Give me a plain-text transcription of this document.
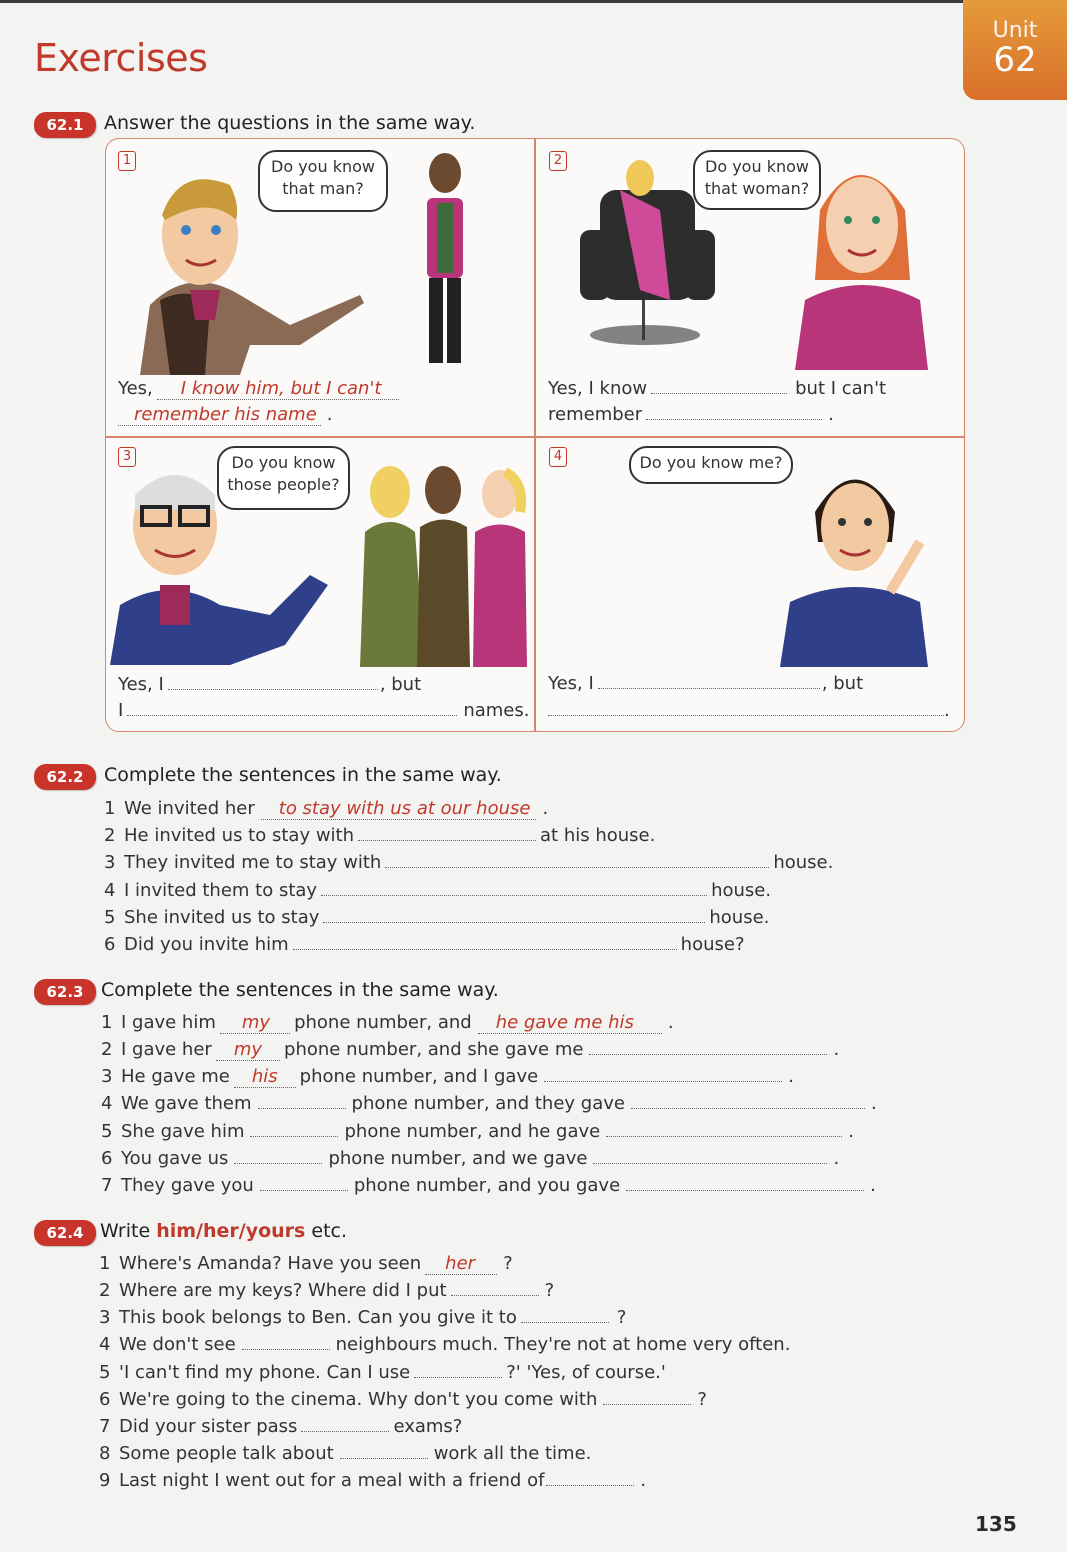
Unit
62
Exercises
62.1	Answer the questions in the same way.
1	Do you know that man?
Yes,	I know him, but I can't
remember his name .
2	Do you know that woman?
Yes, I know	but I can't
remember	.
3	Do you know those people?
Yes, I	, but
I	names.
4	Do you know me?
Yes, I	, but
.
62.2	Complete the sentences in the same way.
1 We invited her	to stay with us at our house .
2 He invited us to stay with	at his house.
3 They invited me to stay with	house.
4 I invited them to stay	house.
5 She invited us to stay	house.
6 Did you invite him	house?
62.3 Complete the sentences in the same way.
1 I gave him	my	phone number, and	he gave me his	.
2 I gave her	my	phone number, and she gave me	.
3 He gave me	his	phone number, and I gave	.
4 We gave them	phone number, and they gave	.
5 She gave him	phone number, and he gave	.
6 You gave us	phone number, and we gave	.
7 They gave you	phone number, and you gave	.
62.4 Write him/her/yours etc.
1 Where's Amanda? Have you seen	her	?
2 Where are my keys? Where did I put	?
3 This book belongs to Ben. Can you give it to	?
4 We don't see	neighbours much. They're not at home very often.
5 'I can't find my phone. Can I use	?' 'Yes, of course.'
6 We're going to the cinema. Why don't you come with	?
7 Did your sister pass	exams?
8 Some people talk about	work all the time.
9 Last night I went out for a meal with a friend of	.
135
